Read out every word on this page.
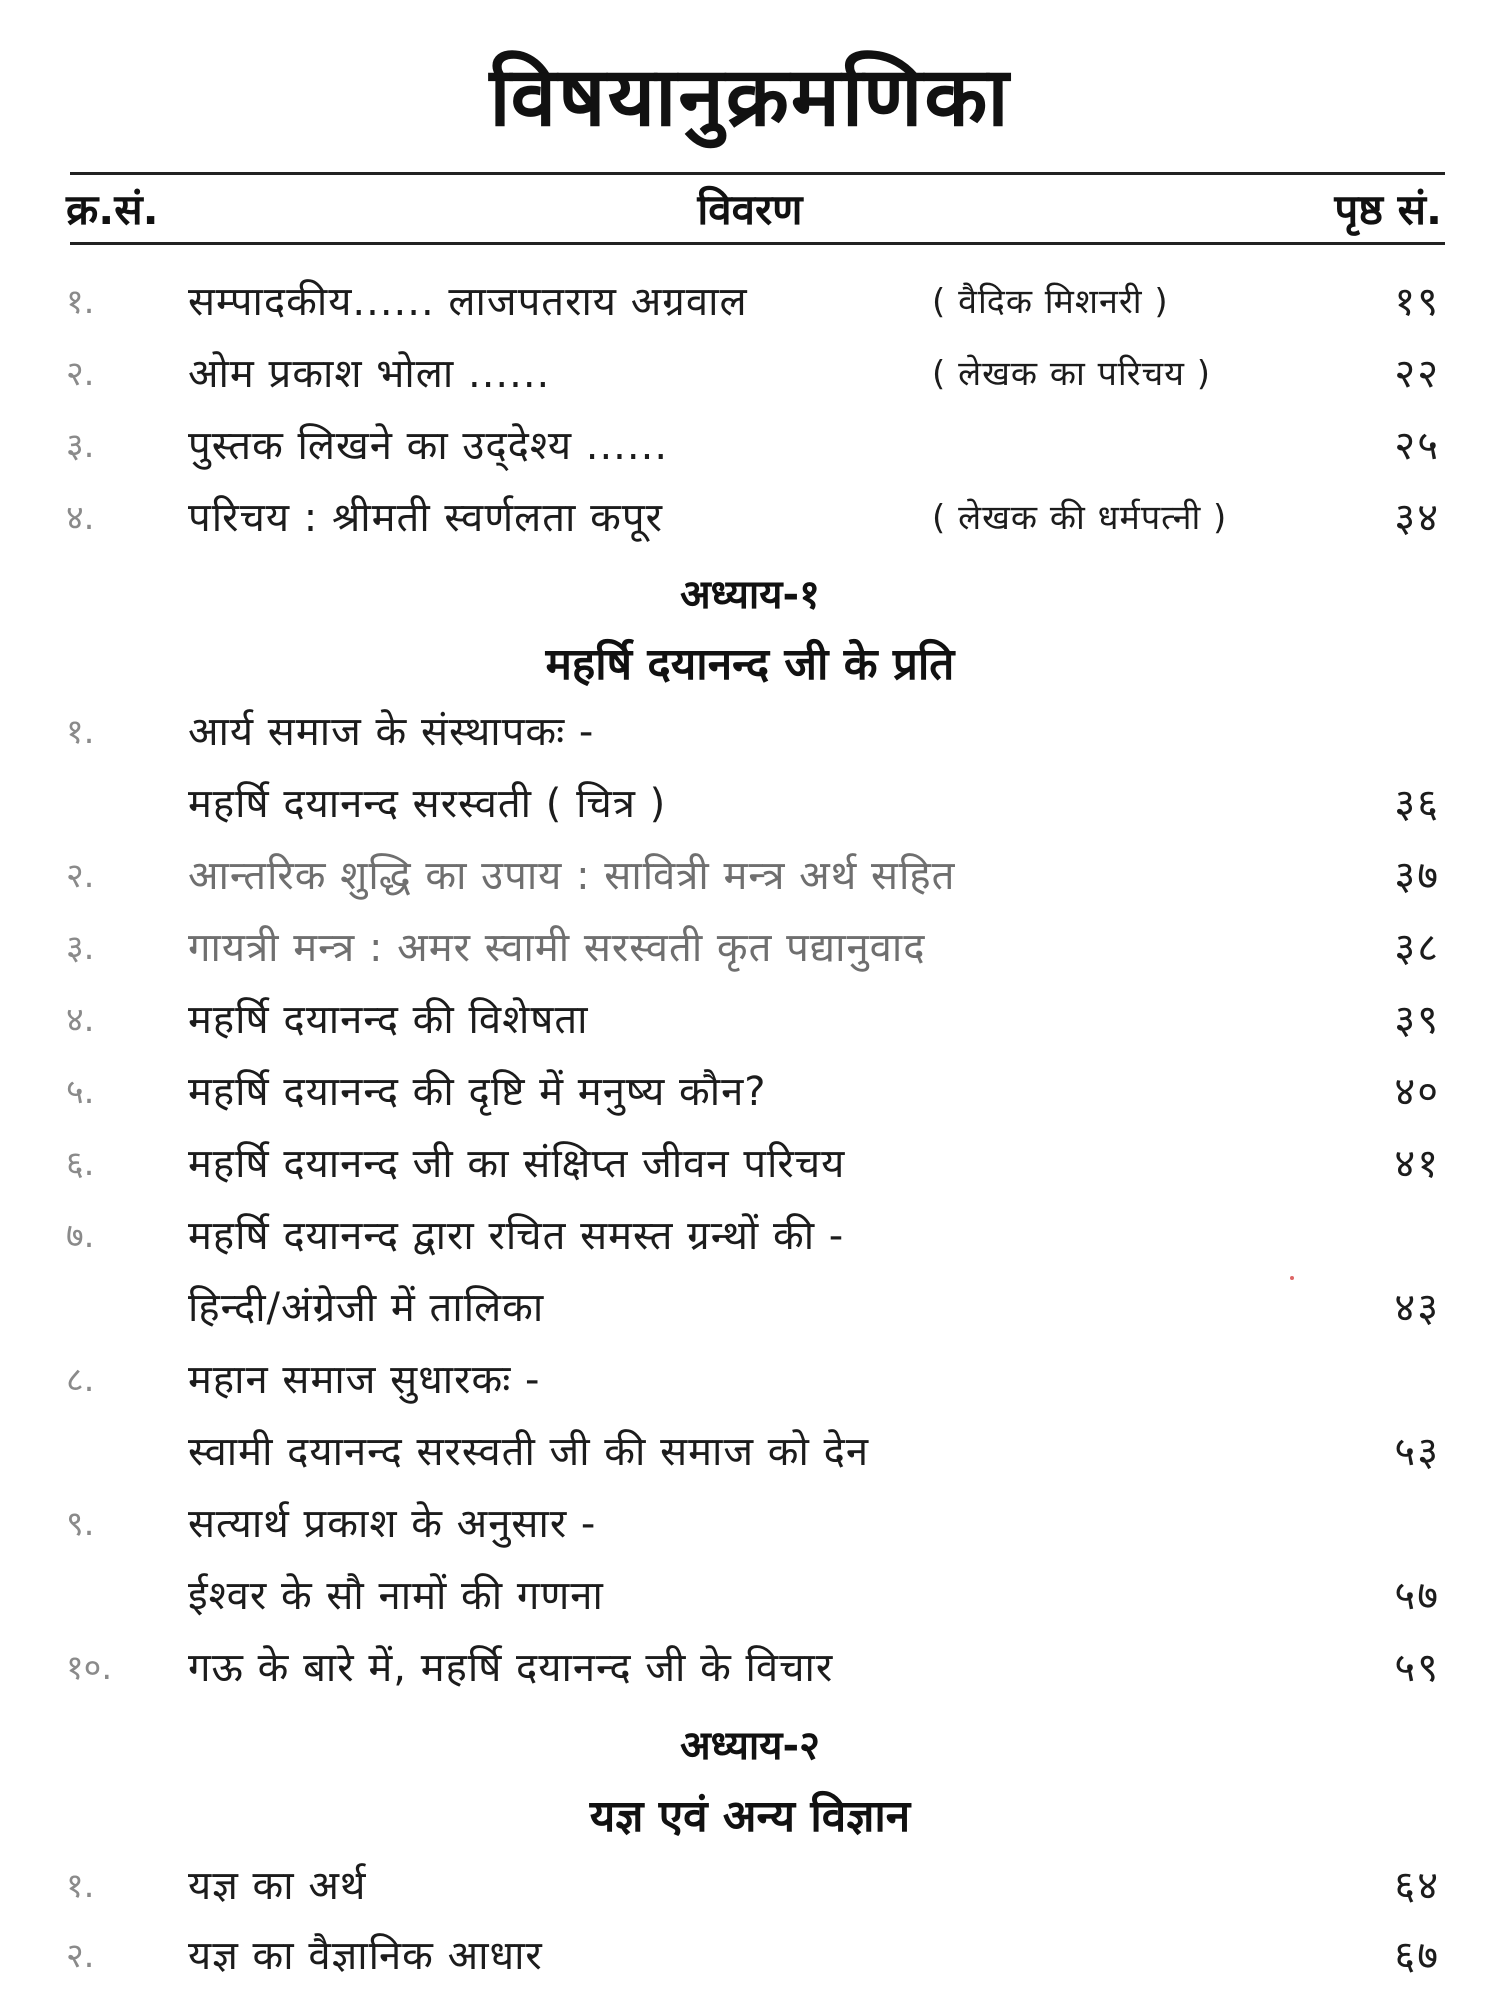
विषयानुक्रमणिका
क्र.सं.	विवरण	पृष्ठ सं.
१.	सम्पादकीय...... लाजपतराय अग्रवाल	( वैदिक मिशनरी )	१९
२.	ओम प्रकाश भोला ......	( लेखक का परिचय )	२२
३.	पुस्तक लिखने का उद्‌देश्य ......	२५
४.	परिचय : श्रीमती स्वर्णलता कपूर	( लेखक की धर्मपत्नी )	३४
अध्याय-१
महर्षि दयानन्द जी के प्रति
१.	आर्य समाज के संस्थापकः -
महर्षि दयानन्द सरस्वती ( चित्र )	३६
२.	आन्तरिक शुद्धि का उपाय : सावित्री मन्त्र अर्थ सहित	३७
३.	गायत्री मन्त्र : अमर स्वामी सरस्वती कृत पद्यानुवाद	३८
४.	महर्षि दयानन्द की विशेषता	३९
५.	महर्षि दयानन्द की दृष्टि में मनुष्य कौन?	४०
६.	महर्षि दयानन्द जी का संक्षिप्त जीवन परिचय	४१
७.	महर्षि दयानन्द द्वारा रचित समस्त ग्रन्थों की -
हिन्दी/अंग्रेजी में तालिका	४३
८.	महान समाज सुधारकः -
स्वामी दयानन्द सरस्वती जी की समाज को देन	५३
९.	सत्यार्थ प्रकाश के अनुसार -
ईश्वर के सौ नामों की गणना	५७
१०.	गऊ के बारे में, महर्षि दयानन्द जी के विचार	५९
अध्याय-२
यज्ञ एवं अन्य विज्ञान
१.	यज्ञ का अर्थ	६४
२.	यज्ञ का वैज्ञानिक आधार	६७
